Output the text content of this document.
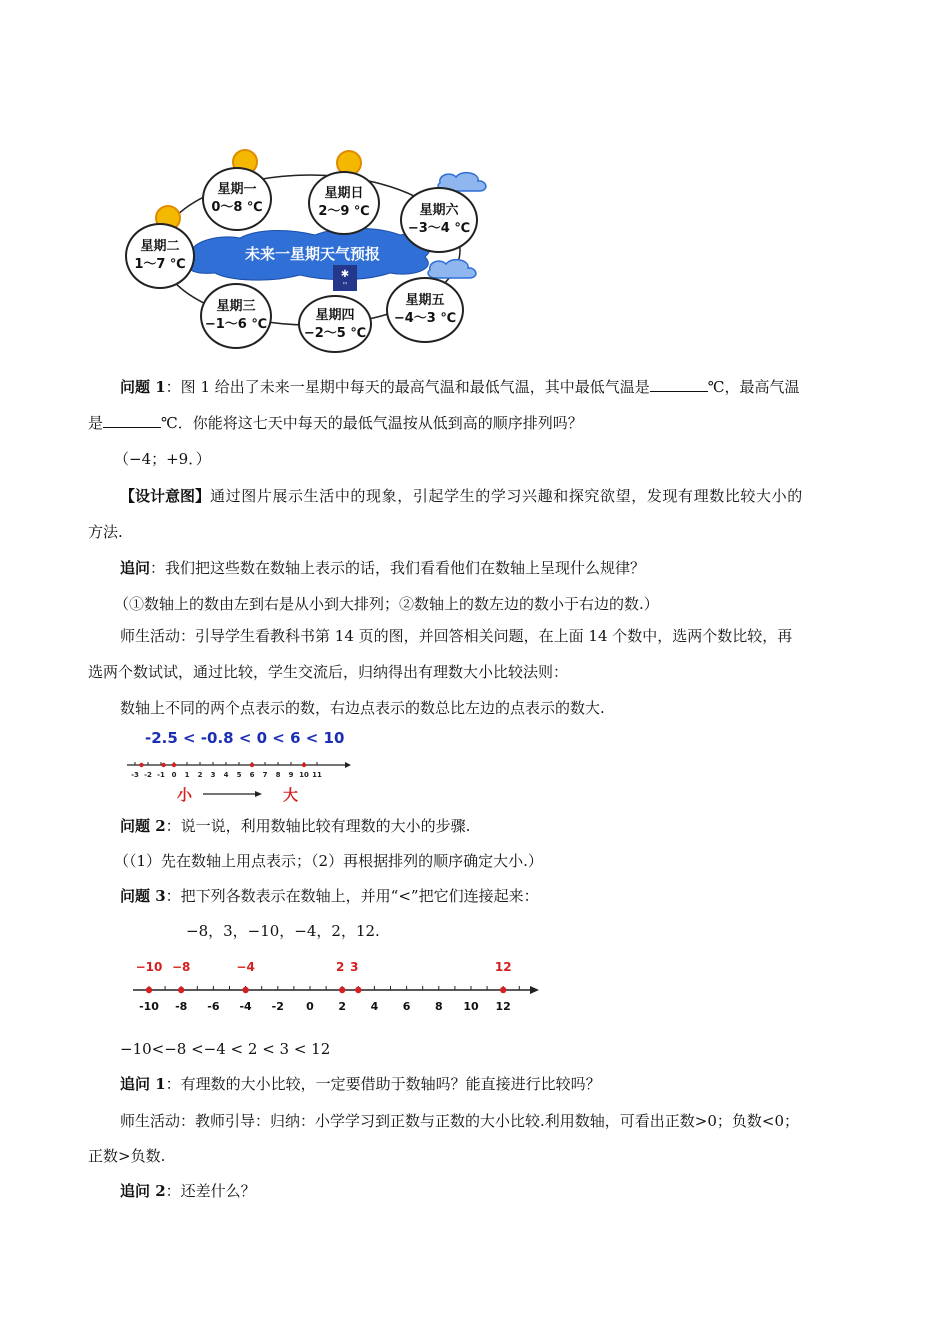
✱
''
未来一星期天气预报
星期一
0～8 ℃
星期日
2～9 ℃	星期六
−3～4 ℃
星期二
1～7 ℃
星期三
−1～6 ℃
星期四
−2～5 ℃
星期五
−4～3 ℃
问题 1：图 1 给出了未来一星期中每天的最高气温和最低气温，其中最低气温是	℃，最高气温
是	℃．你能将这七天中每天的最低气温按从低到高的顺序排列吗？
（−4；+9．）
【设计意图】通过图片展示生活中的现象，引起学生的学习兴趣和探究欲望，发现有理数比较大小的
方法.
追问：我们把这些数在数轴上表示的话，我们看看他们在数轴上呈现什么规律？
（①数轴上的数由左到右是从小到大排列；②数轴上的数左边的数小于右边的数.）
师生活动：引导学生看教科书第 14 页的图，并回答相关问题，在上面 14 个数中，选两个数比较，再
选两个数试试，通过比较，学生交流后，归纳得出有理数大小比较法则：
数轴上不同的两个点表示的数，右边点表示的数总比左边的点表示的数大.
-2.5 < -0.8 < 0 < 6 < 10
-3 -2 -1 0 1 2 3 4 5 6 7 8 9 10 11
小	大
问题 2：说一说，利用数轴比较有理数的大小的步骤.
（（1）先在数轴上用点表示；（2）再根据排列的顺序确定大小.）
问题 3：把下列各数表示在数轴上，并用“<”把它们连接起来：
−8，3，−10，−4，2，12.
-10 -8 -6 -4 -2 0 2 4 6 8 10 12
−10 −8	−4	2 3	12
−10<−8 <−4 < 2 < 3 < 12
追问 1：有理数的大小比较，一定要借助于数轴吗？能直接进行比较吗？
师生活动：教师引导：归纳：小学学习到正数与正数的大小比较.利用数轴，可看出正数>0；负数<0；
正数>负数.
追问 2：还差什么？
